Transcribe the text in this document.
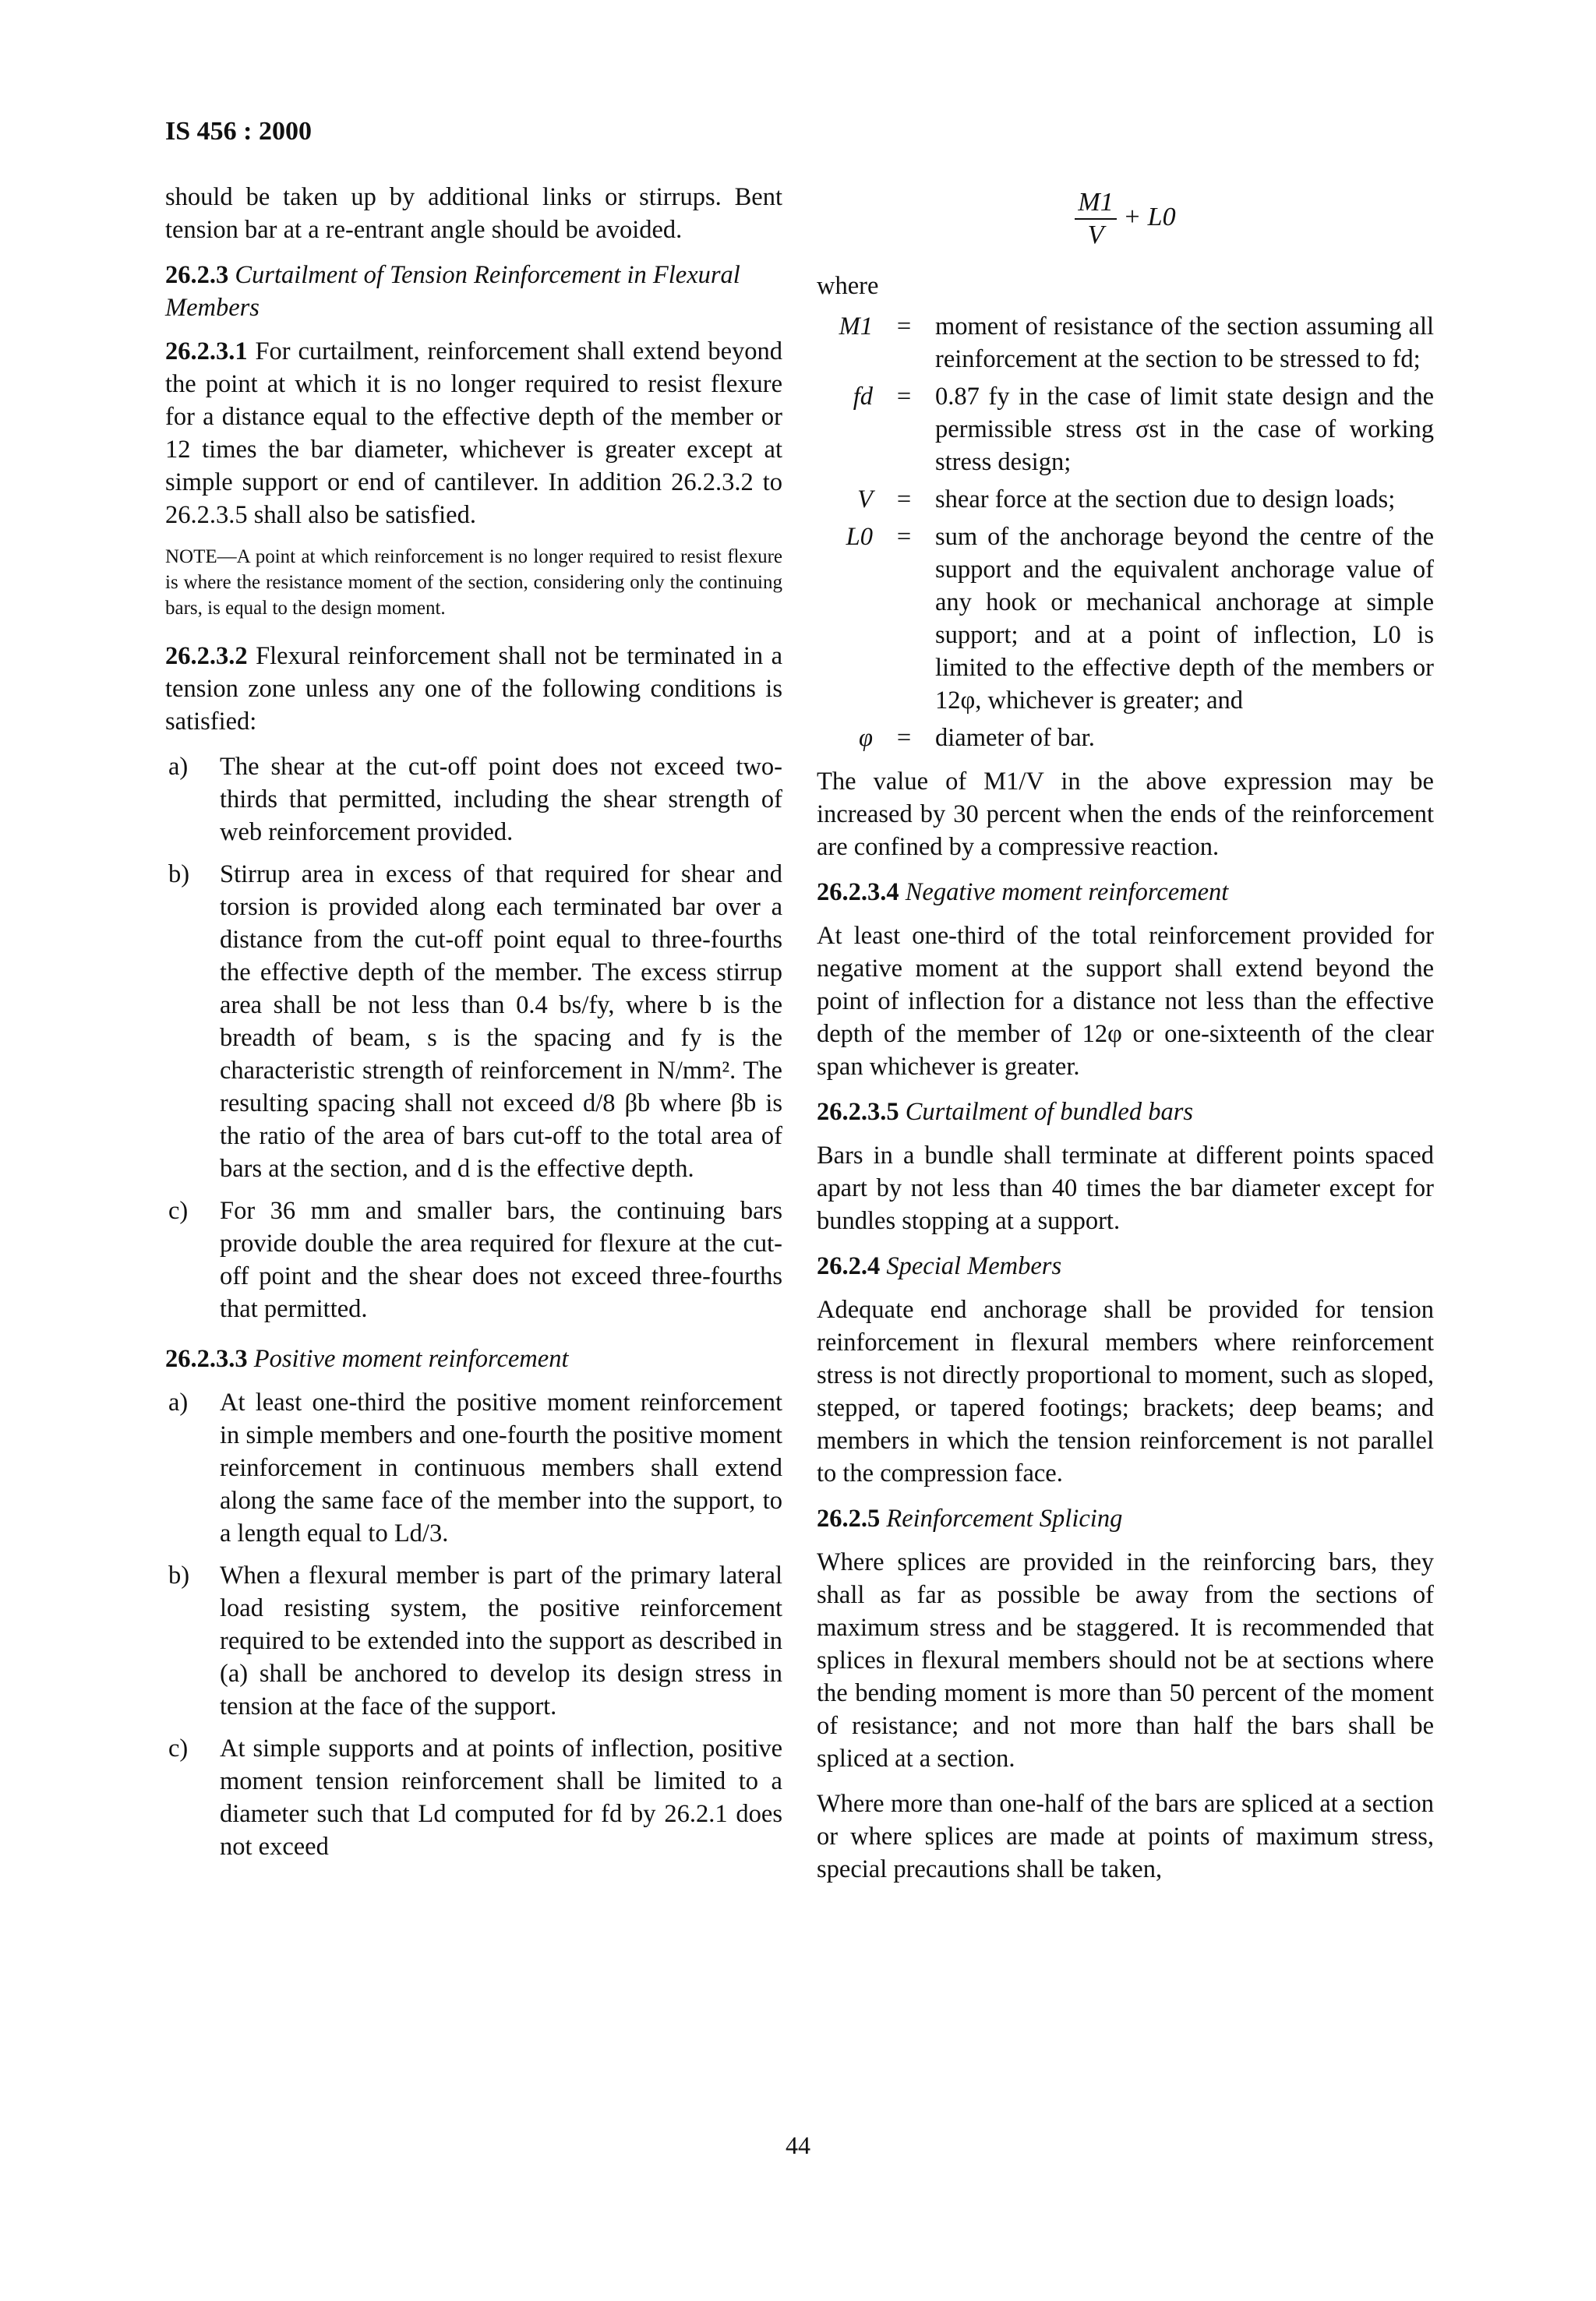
IS 456 : 2000

should be taken up by additional links or stirrups. Bent tension bar at a re-entrant angle should be avoided.

26.2.3 Curtailment of Tension Reinforcement in Flexural Members

26.2.3.1 For curtailment, reinforcement shall extend beyond the point at which it is no longer required to resist flexure for a distance equal to the effective depth of the member or 12 times the bar diameter, whichever is greater except at simple support or end of cantilever. In addition 26.2.3.2 to 26.2.3.5 shall also be satisfied.

NOTE—A point at which reinforcement is no longer required to resist flexure is where the resistance moment of the section, considering only the continuing bars, is equal to the design moment.

26.2.3.2 Flexural reinforcement shall not be terminated in a tension zone unless any one of the following conditions is satisfied:

a)	The shear at the cut-off point does not exceed two-thirds that permitted, including the shear strength of web reinforcement provided.
b)	Stirrup area in excess of that required for shear and torsion is provided along each terminated bar over a distance from the cut-off point equal to three-fourths the effective depth of the member. The excess stirrup area shall be not less than 0.4 bs/fy, where b is the breadth of beam, s is the spacing and fy is the characteristic strength of reinforcement in N/mm². The resulting spacing shall not exceed d/8 βb where βb is the ratio of the area of bars cut-off to the total area of bars at the section, and d is the effective depth.
c)	For 36 mm and smaller bars, the continuing bars provide double the area required for flexure at the cut-off point and the shear does not exceed three-fourths that permitted.
26.2.3.3 Positive moment reinforcement
a)	At least one-third the positive moment reinforcement in simple members and one-fourth the positive moment reinforcement in continuous members shall extend along the same face of the member into the support, to a length equal to Ld/3.
b)	When a flexural member is part of the primary lateral load resisting system, the positive reinforcement required to be extended into the support as described in (a) shall be anchored to develop its design stress in tension at the face of the support.
c)	At simple supports and at points of inflection, positive moment tension reinforcement shall be limited to a diameter such that Ld computed for fd by 26.2.1 does not exceed
$\frac{M1}{V} + L0$
where
M1 = moment of resistance of the section assuming all reinforcement at the section to be stressed to fd;
fd = 0.87 fy in the case of limit state design and the permissible stress σst in the case of working stress design;
V = shear force at the section due to design loads;
L0 = sum of the anchorage beyond the centre of the support and the equivalent anchorage value of any hook or mechanical anchorage at simple support; and at a point of inflection, L0 is limited to the effective depth of the members or 12φ, whichever is greater; and
φ = diameter of bar.

The value of M1/V in the above expression may be increased by 30 percent when the ends of the reinforcement are confined by a compressive reaction.

26.2.3.4 Negative moment reinforcement

At least one-third of the total reinforcement provided for negative moment at the support shall extend beyond the point of inflection for a distance not less than the effective depth of the member of 12φ or one-sixteenth of the clear span whichever is greater.

26.2.3.5 Curtailment of bundled bars

Bars in a bundle shall terminate at different points spaced apart by not less than 40 times the bar diameter except for bundles stopping at a support.

26.2.4 Special Members

Adequate end anchorage shall be provided for tension reinforcement in flexural members where reinforcement stress is not directly proportional to moment, such as sloped, stepped, or tapered footings; brackets; deep beams; and members in which the tension reinforcement is not parallel to the compression face.

26.2.5 Reinforcement Splicing

Where splices are provided in the reinforcing bars, they shall as far as possible be away from the sections of maximum stress and be staggered. It is recommended that splices in flexural members should not be at sections where the bending moment is more than 50 percent of the moment of resistance; and not more than half the bars shall be spliced at a section.

Where more than one-half of the bars are spliced at a section or where splices are made at points of maximum stress, special precautions shall be taken,

44
